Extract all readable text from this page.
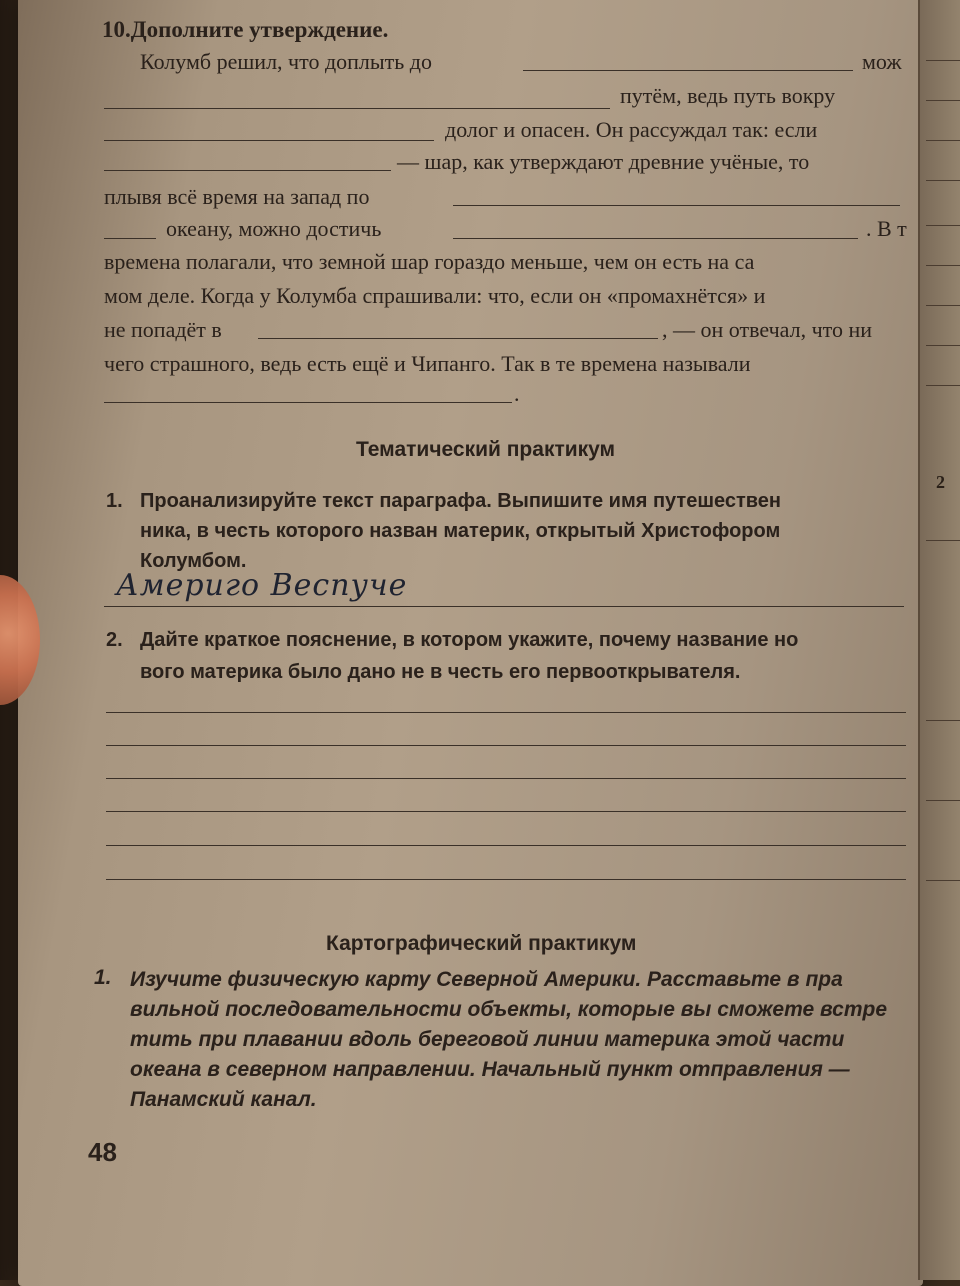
2
10.Дополните утверждение.
Колумб решил, что доплыть до	мож
путём, ведь путь вокру
долог и опасен. Он рассуждал так: если
— шар, как утверждают древние учёные, то
плывя всё время на запад по
океану, можно достичь	. В т
времена полагали, что земной шар гораздо меньше, чем он есть на са
мом деле. Когда у Колумба спрашивали: что, если он «промахнётся» и
не попадёт в	, — он отвечал, что ни
чего страшного, ведь есть ещё и Чипанго. Так в те времена называли
.
Тематический практикум
1. Проанализируйте текст параграфа. Выпишите имя путешествен
ника, в честь которого назван материк, открытый Христофором
Колумбом.
Америго Веспуче
2. Дайте краткое пояснение, в котором укажите, почему название но
вого материка было дано не в честь его первооткрывателя.
Картографический практикум
1. Изучите физическую карту Северной Америки. Расставьте в пра
вильной последовательности объекты, которые вы сможете встре
тить при плавании вдоль береговой линии материка этой части
океана в северном направлении. Начальный пункт отправления —
Панамский канал.
48
